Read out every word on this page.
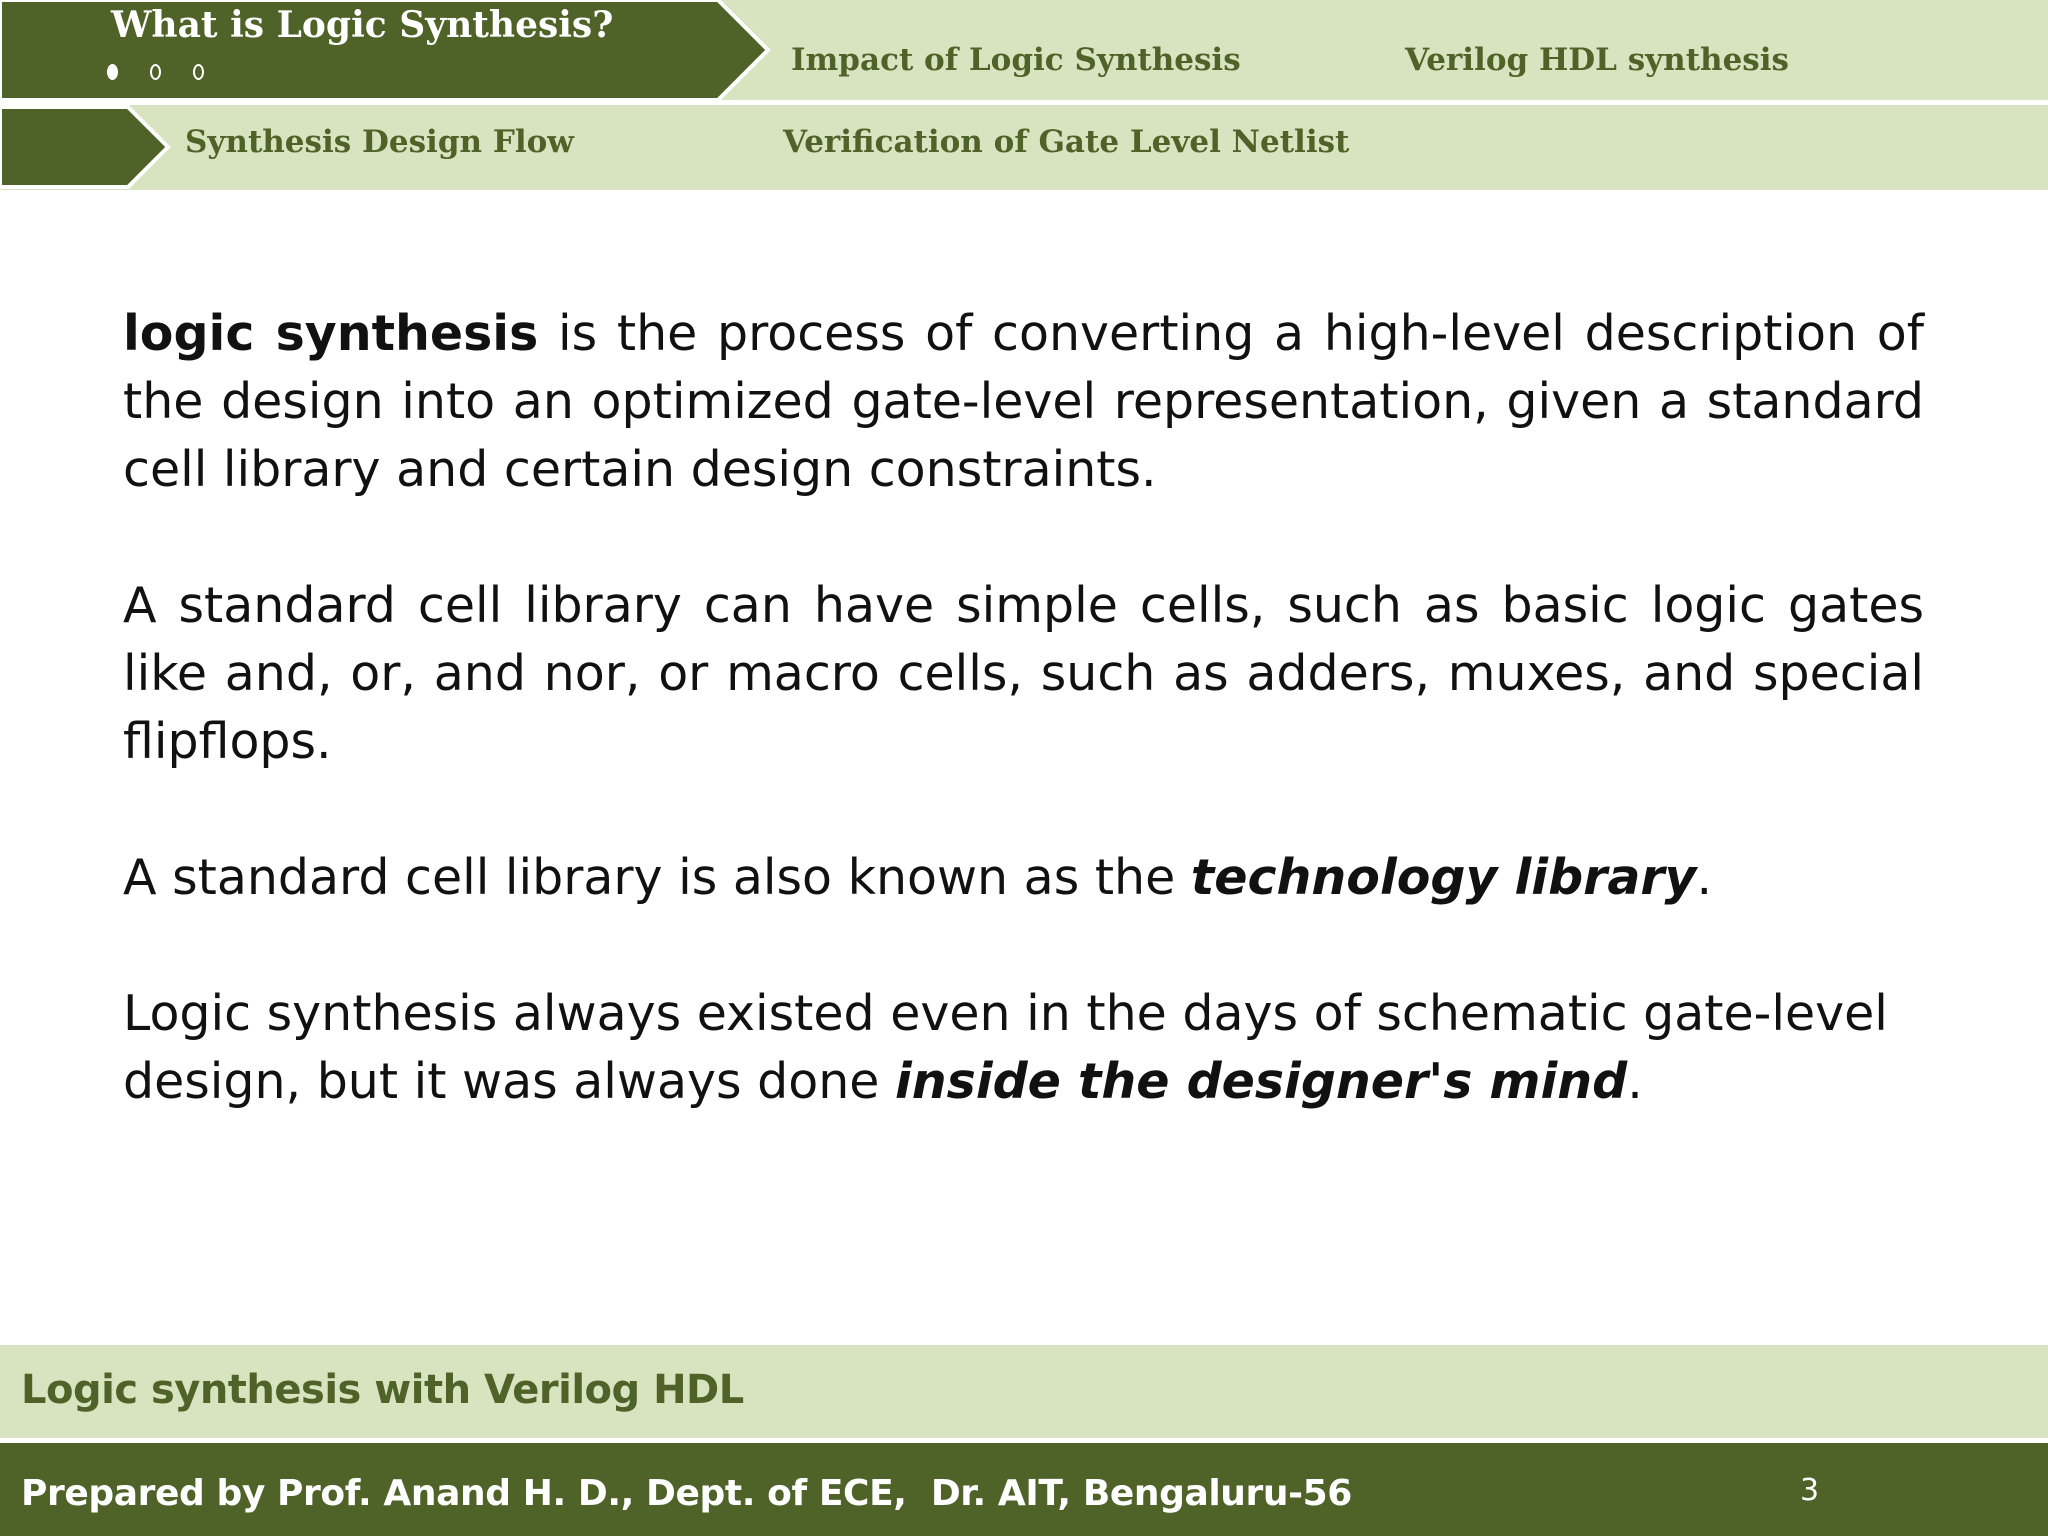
What is Logic Synthesis?
Impact of Logic Synthesis	Verilog HDL synthesis
Synthesis Design Flow	Verification of Gate Level Netlist

logic synthesis is the process of converting a high-level description of the design into an optimized gate-level representation, given a standard cell library and certain design constraints.

A standard cell library can have simple cells, such as basic logic gates like and, or, and nor, or macro cells, such as adders, muxes, and special flipflops.

A standard cell library is also known as the technology library.

Logic synthesis always existed even in the days of schematic gate-level design, but it was always done inside the designer's mind.

Logic synthesis with Verilog HDL
Prepared by Prof. Anand H. D., Dept. of ECE,  Dr. AIT, Bengaluru-56	3
